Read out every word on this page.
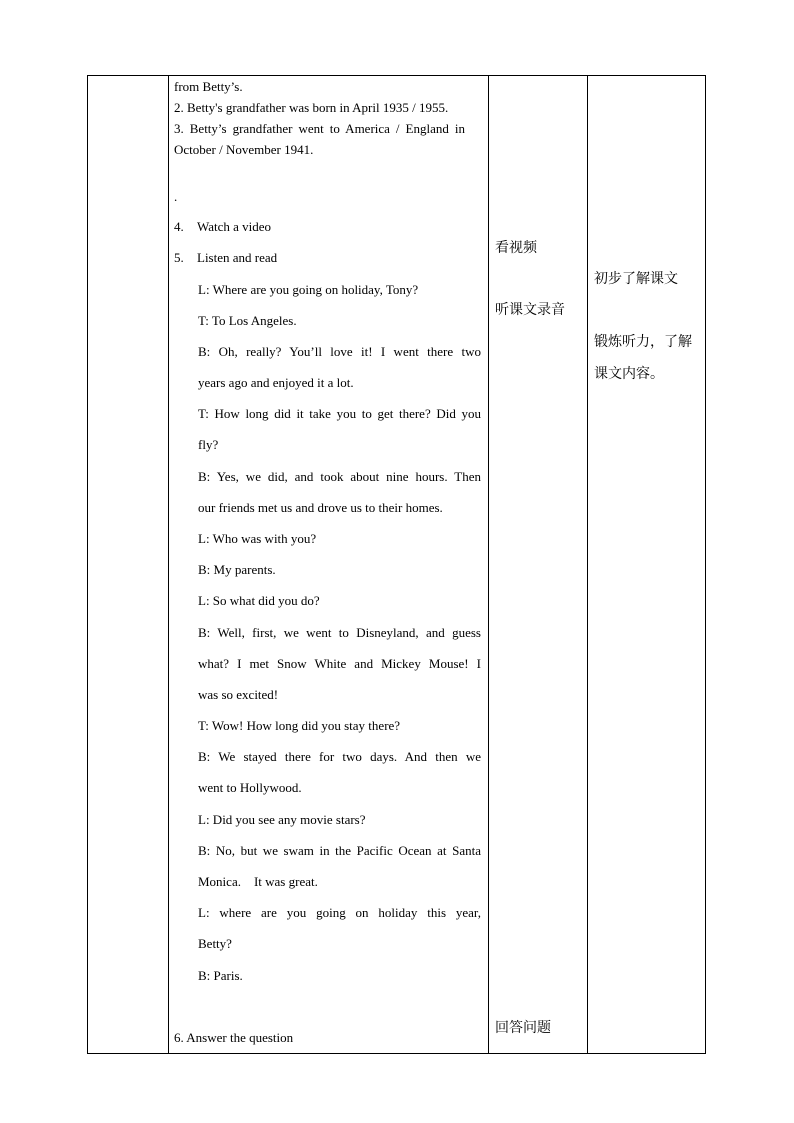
from Betty’s.
2. Betty's grandfather was born in April 1935 / 1955.
3. Betty’s grandfather went to America / England in
October / November 1941.
.
4. Watch a video
5. Listen and read
L: Where are you going on holiday, Tony?
T: To Los Angeles.
B: Oh, really? You’ll love it! I went there two
years ago and enjoyed it a lot.
T: How long did it take you to get there? Did you
fly?
B: Yes, we did, and took about nine hours. Then
our friends met us and drove us to their homes.
L: Who was with you?
B: My parents.
L: So what did you do?
B: Well, first, we went to Disneyland, and guess
what? I met Snow White and Mickey Mouse! I
was so excited!
T: Wow! How long did you stay there?
B: We stayed there for two days. And then we
went to Hollywood.
L: Did you see any movie stars?
B: No, but we swam in the Pacific Ocean at Santa
Monica.    It was great.
L: where are you going on holiday this year,
Betty?
B: Paris.
6. Answer the question
看视频
听课文录音
回答问题
初步了解课文
锻炼听力，了解
课文内容。
